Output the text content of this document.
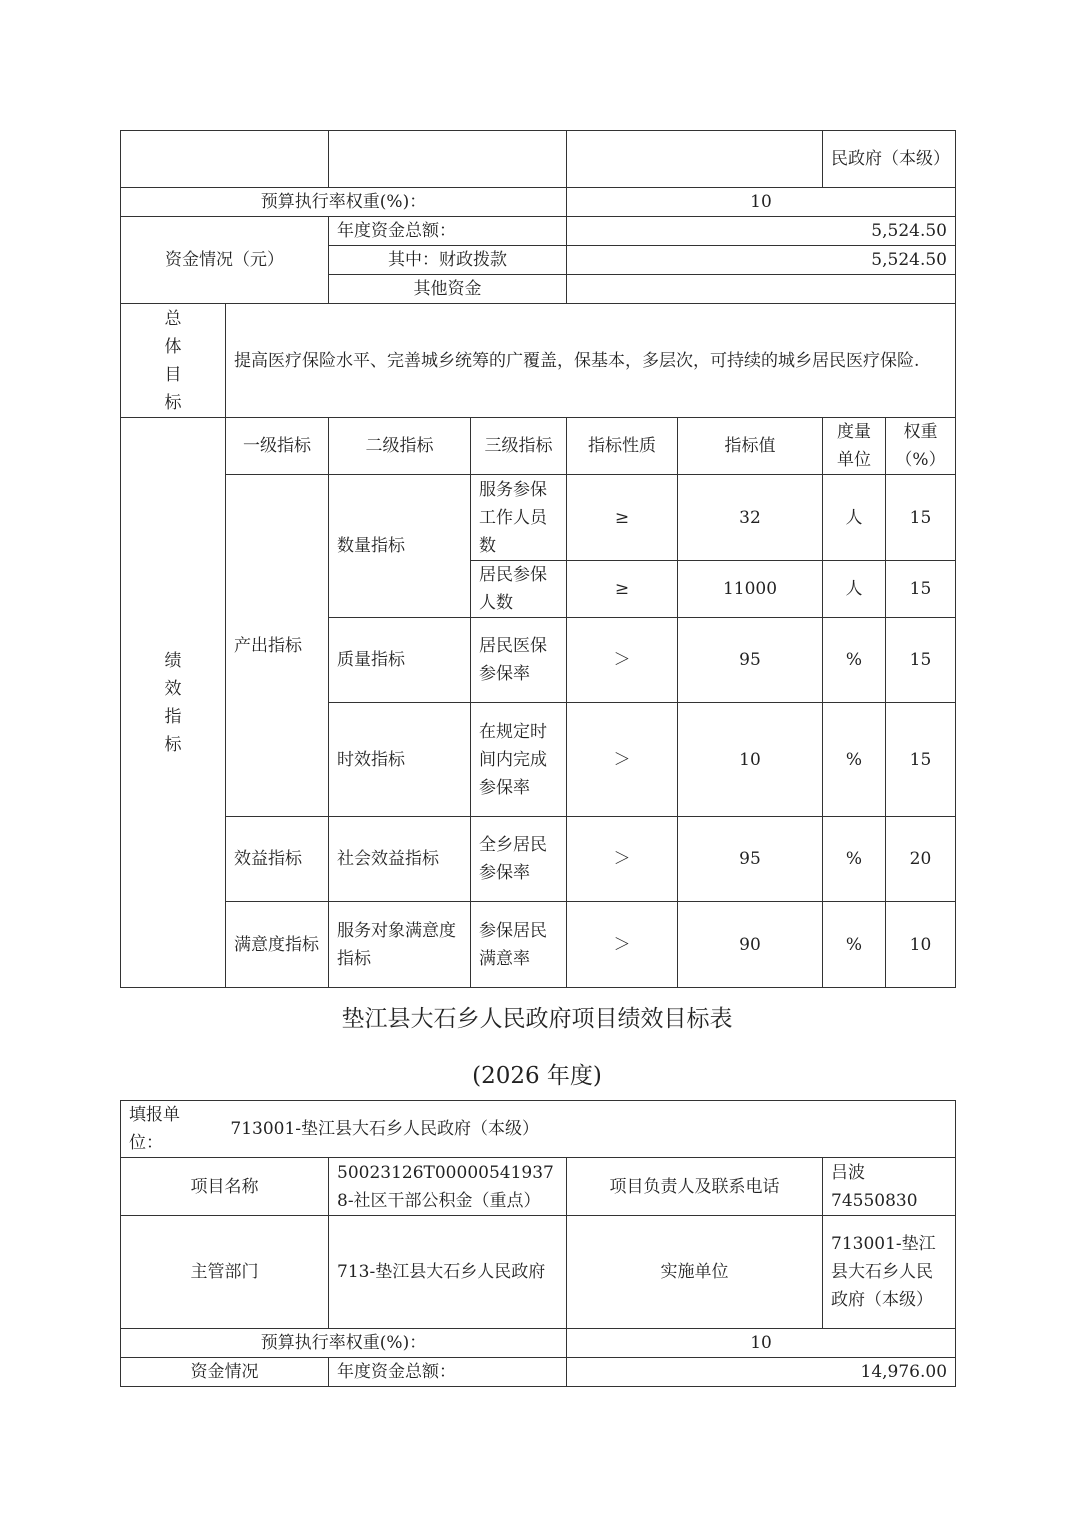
						民政府（本级）	
预算执行率权重(%)：				10			
资金情况（元）		年度资金总额：		5,524.50			
		其中：财政拨款		5,524.50			
		其他资金					

总体目标	提高医疗保险水平、完善城乡统筹的广覆盖，保基本，多层次，可持续的城乡居民医疗保险.						

绩效指标	一级指标	二级指标	三级指标	指标性质	指标值	度量单位	权重（%）
	产出指标	数量指标	服务参保工作人员数	≥	32	人	15
			居民参保人数	≥	11000	人	15
		质量指标	居民医保参保率	＞	95	%	15
		时效指标	在规定时间内完成参保率	＞	10	%	15
	效益指标	社会效益指标	全乡居民参保率	＞	95	%	20
	满意度指标	服务对象满意度指标	参保居民满意率	＞	90	%	10
垫江县大石乡人民政府项目绩效目标表
(2026 年度)
填报单位： 713001-垫江县大石乡人民政府（本级）			
项目名称	50023126T000005419378-社区干部公积金（重点）	项目负责人及联系电话	吕波 74550830
主管部门	713-垫江县大石乡人民政府	实施单位	713001-垫江县大石乡人民政府（本级）
预算执行率权重(%)：		10	
资金情况	年度资金总额：	14,976.00	
